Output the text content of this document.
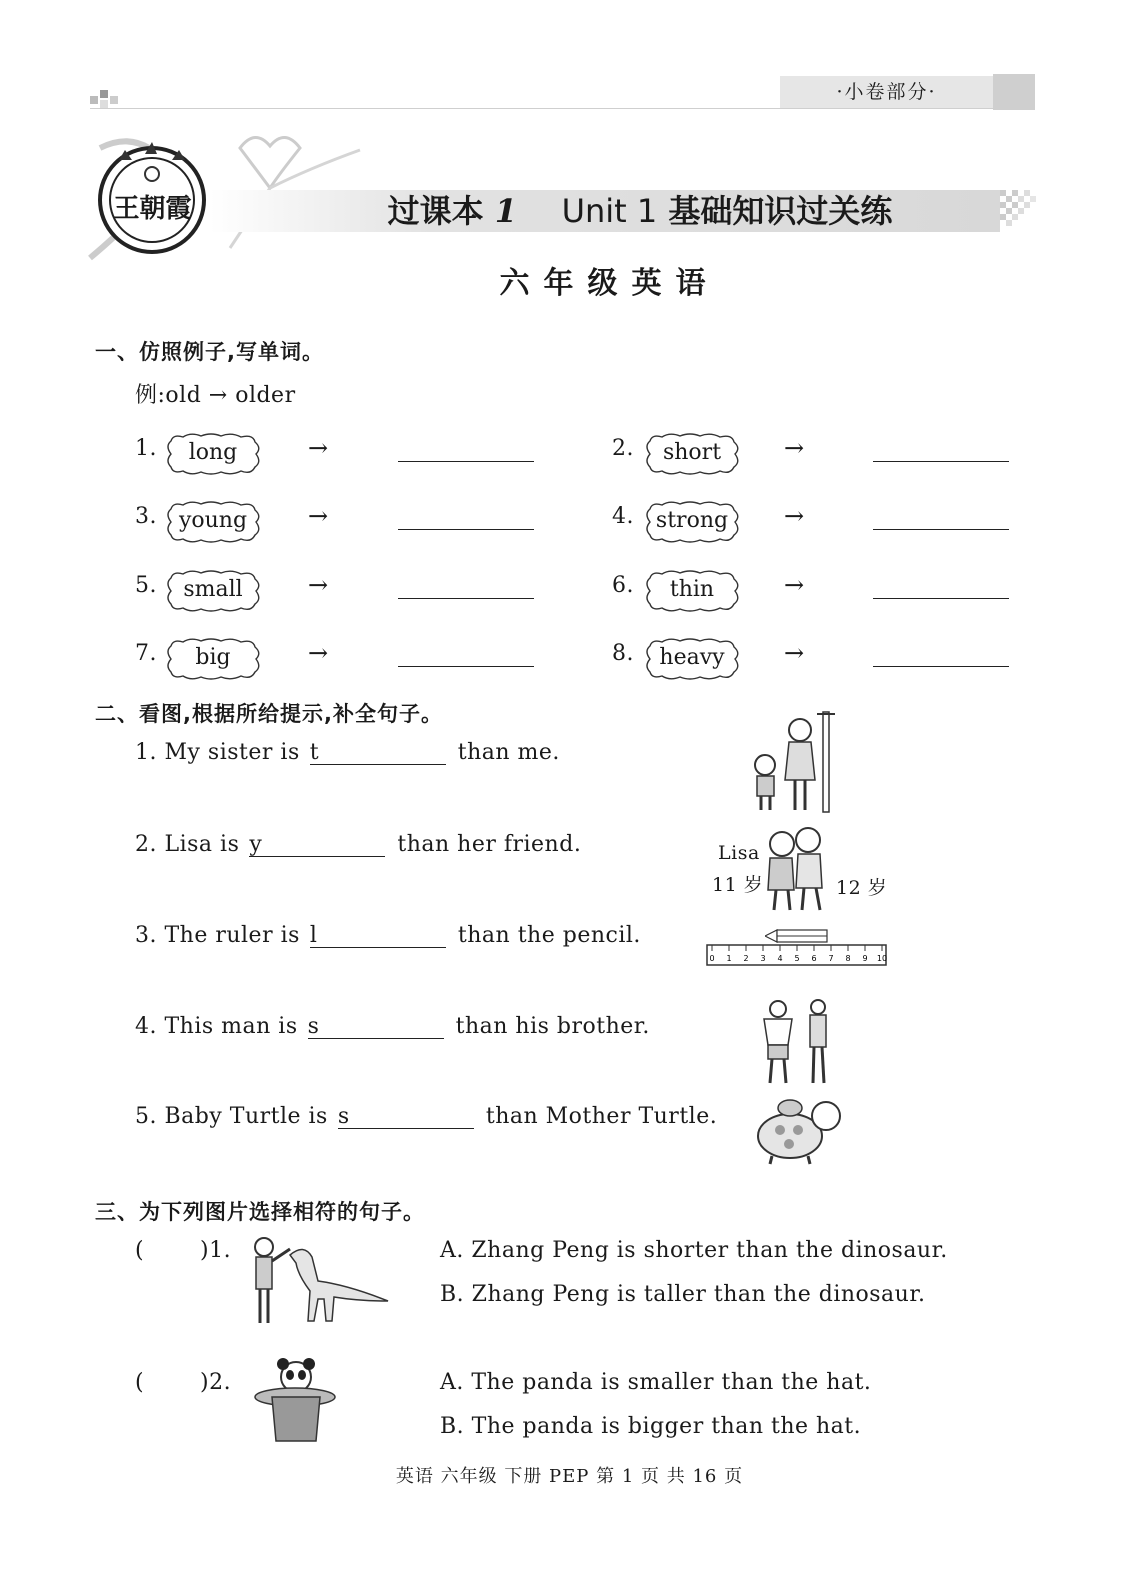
·小卷部分·
王朝霞	过课本 1 Unit 1 基础知识过关练
六年级英语
一、仿照例子,写单词。
例:old → older
1.	long	→	2.	short	→
3. young	→	4. strong	→
5.	small	→	6.	thin	→
7.	big	→	8.	heavy	→
二、看图,根据所给提示,补全句子。
1. My sister is t	than me.
2. Lisa is y	than her friend.
3. The ruler is l	than the pencil.
4. This man is s	than his brother.
5. Baby Turtle is s	than Mother Turtle.
Lisa
11 岁	12 岁
0 1 2 3 4 5 6 7 8 9 10
三、为下列图片选择相符的句子。
(	)1.	A. Zhang Peng is shorter than the dinosaur.
B. Zhang Peng is taller than the dinosaur.
(	)2.	A. The panda is smaller than the hat.
B. The panda is bigger than the hat.
英语 六年级 下册 PEP 第 1 页 共 16 页
